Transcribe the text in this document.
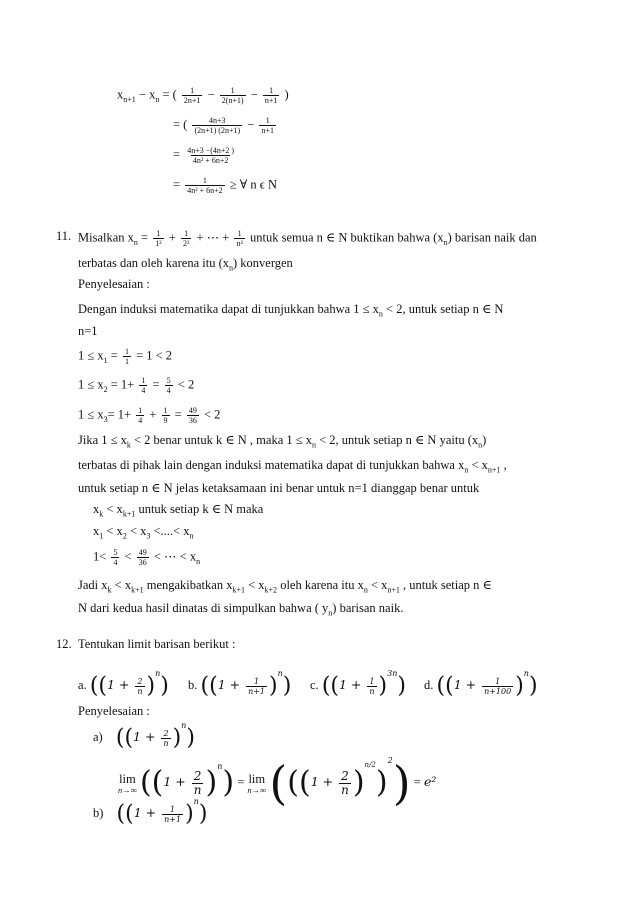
$x_{n+1} - x_n$ = ( $\frac{1}{2n+1} - \frac{1}{2(n+1)} - \frac{1}{n+1}$ )
= ( $\frac{4n+3}{(2n+1) (2n+1)} - \frac{1}{n+1}$
= $\frac{4n+3 -(4n+2 )}{\text{4n² + 6n+2}}$
= $\frac{1}{\text{4n² + 6n+2}}$ ≥ ∀ n ϵ N
11. Misalkan $x_n = \frac{1}{\text{1²}} + \frac{1}{\text{2²}}$ + ⋯ + $\frac{1}{\text{n²}}$ untuk semua n ∈ N buktikan bahwa $(x_n)$ barisan naik dan
terbatas dan oleh karena itu $(x_n)$ konvergen
Penyelesaian :
Dengan induksi matematika dapat di tunjukkan bahwa $1 \le x_n < 2$, untuk setiap n ∈ N
n=1
$1 \le x_1 = \frac{1}{1} = 1 < 2$
$1 \le x_2 = 1+ \frac{1}{4} = \frac{5}{4} < 2$
$1 \le x_3= 1+ \frac{1}{4} + \frac{1}{9} = \frac{49}{36} < 2$
Jika $1 \le x_k < 2$ benar untuk k ∈ N , maka $1 \le x_n < 2$, untuk setiap n ∈ N yaitu $(x_n)$
terbatas di pihak lain dengan induksi matematika dapat di tunjukkan bahwa $x_n < x_{n+1}$ ,
untuk setiap n ∈ N jelas ketaksamaan ini benar untuk n=1 dianggap benar untuk
$x_k < x_{k+1}$ untuk setiap k ∈ N maka
$x_1 < x_2 < x_3$ <....< $x_n$
$1< \frac{5}{4} < \frac{49}{36}$ < ⋯ < $x_n$
Jadi $x_k < x_{k+1}$ mengakibatkan $x_{k+1} < x_{k+2}$ oleh karena itu $x_n < x_{n+1}$ , untuk setiap n ∈
N dari kedua hasil dinatas di simpulkan bahwa ( $y_n$) barisan naik.
12. Tentukan limit barisan berikut :
a. $((1 + \frac{2}{n} )^n)$ b. $((1 + \frac{1}{n+1} )^n)$ c. $((1 + \frac{1}{n} )^{3n})$ d. $((1 + \frac{1}{n+100} )^n)$
Penyelesaian :
a) $((1 + \frac{2}{n} )^n)$
lim
n→∞ $((1 + \frac{2}{n} )^n) = \lim$
n→∞ $(((1 + \frac{2}{n} )^{n/2})^2) = e^2$
b) $((1 + \frac{1}{n+1} )^n)$
